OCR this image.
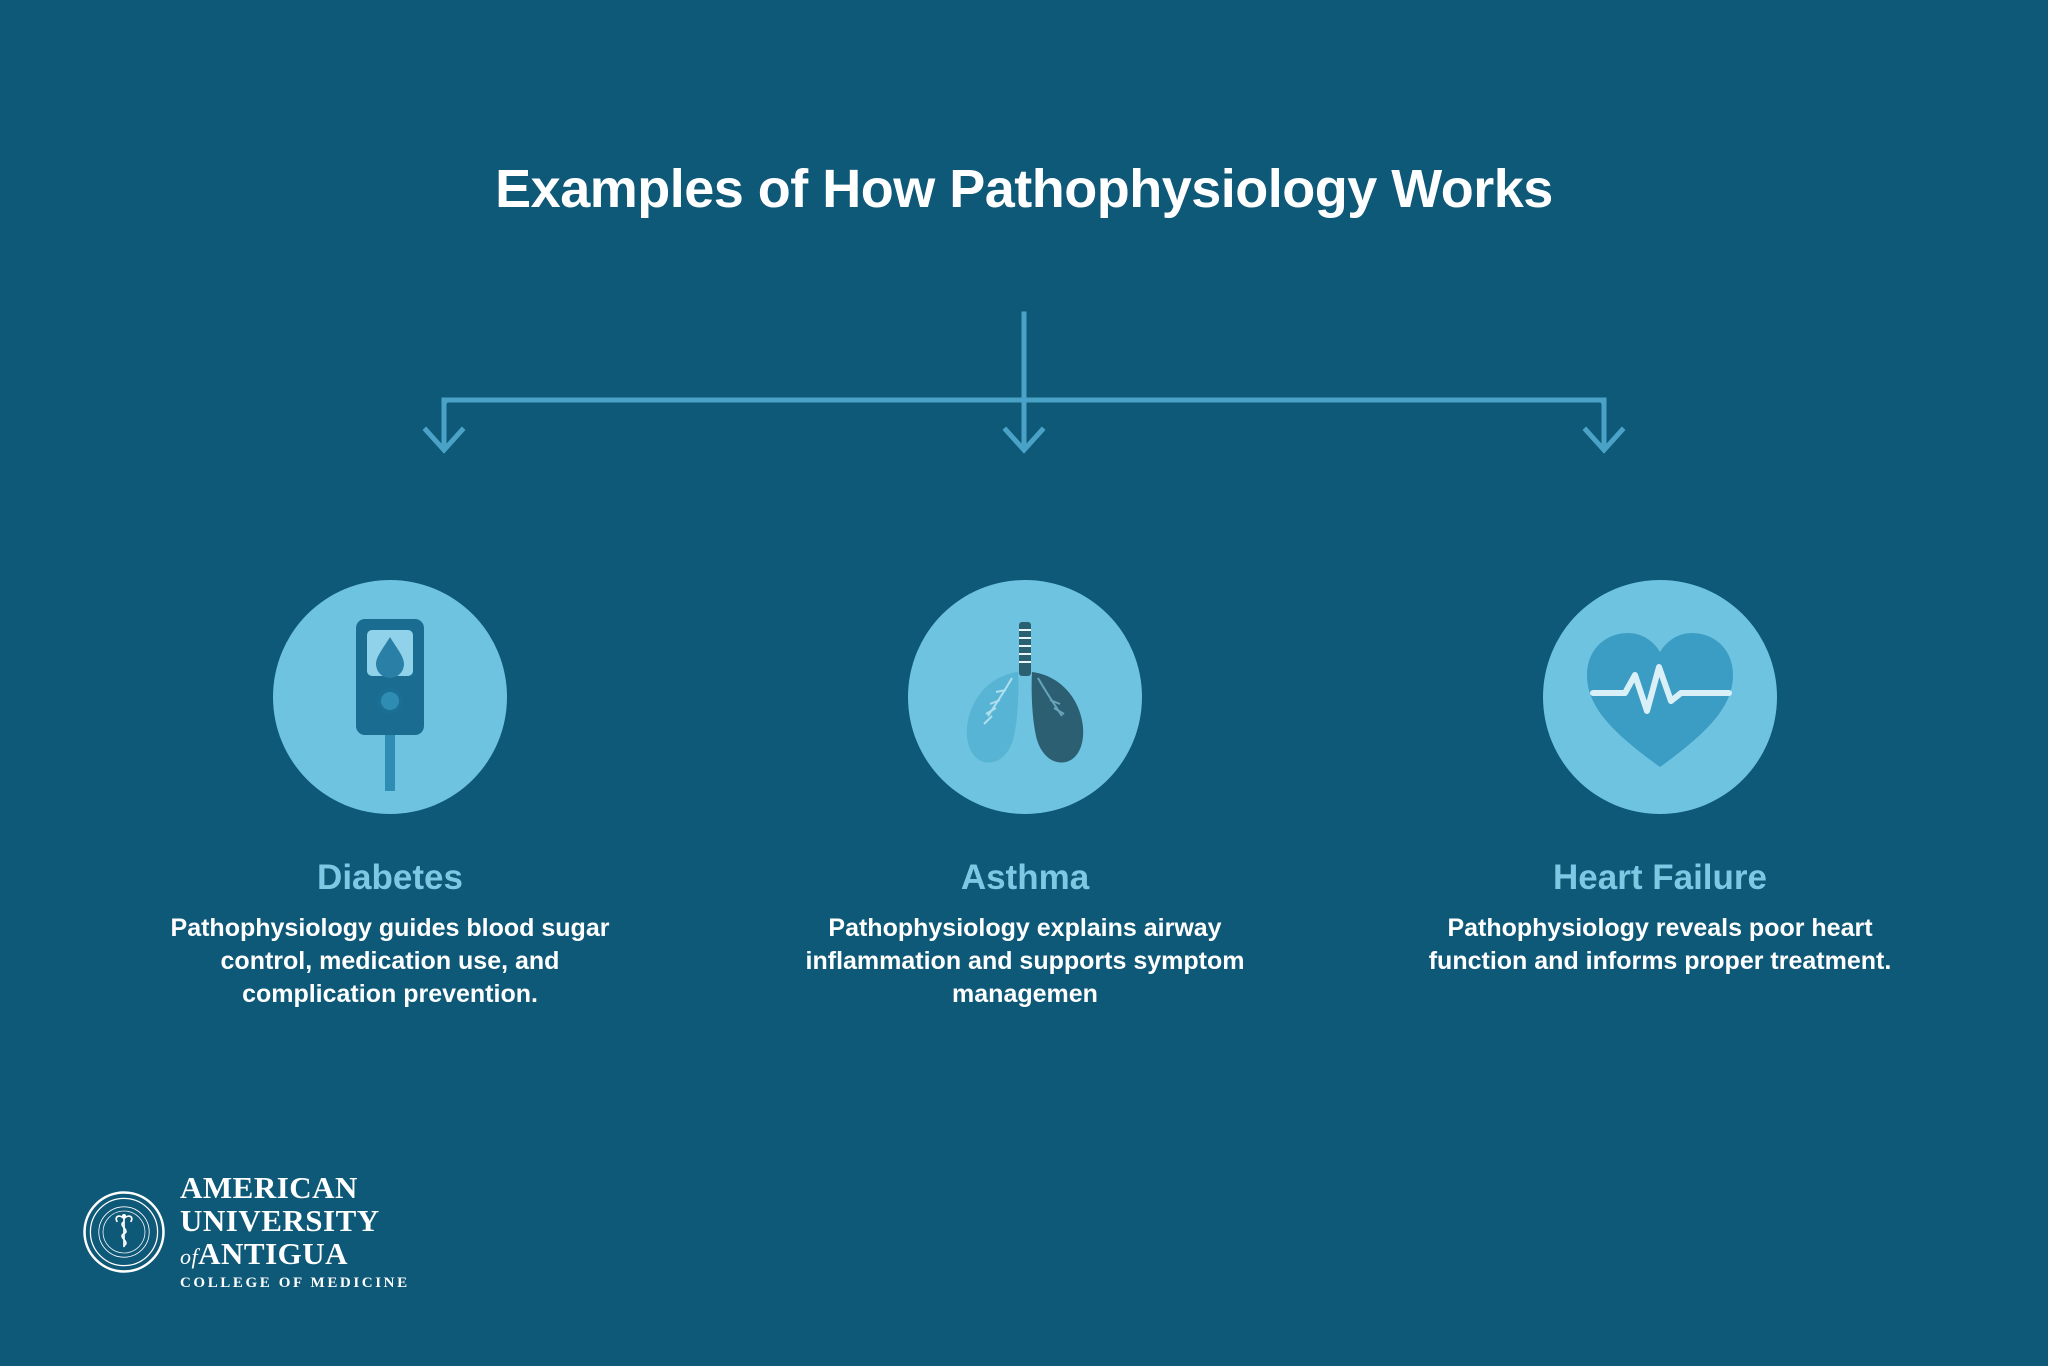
Examples of How Pathophysiology Works
Diabetes
Pathophysiology guides blood sugar control, medication use, and complication prevention.
Asthma
Pathophysiology explains airway inflammation and supports symptom managemen
Heart Failure
Pathophysiology reveals poor heart function and informs proper treatment.
AMERICAN
UNIVERSITY
ofANTIGUA
COLLEGE OF MEDICINE
